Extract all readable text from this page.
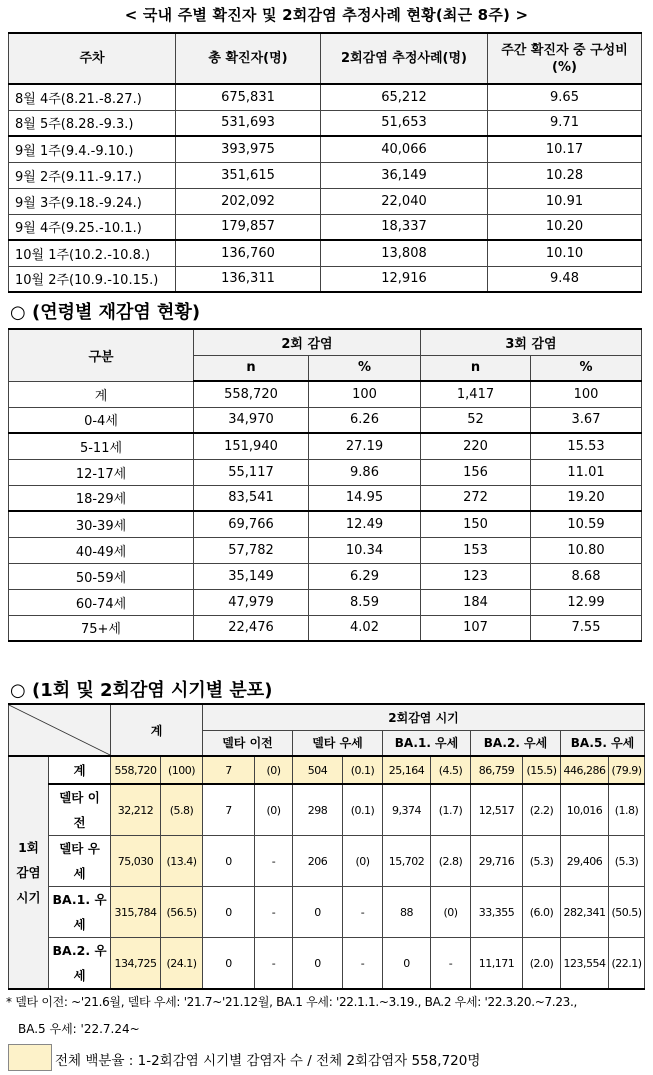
< 국내 주별 확진자 및 2회감염 추정사례 현황(최근 8주) >
주차	총 확진자(명)	2회감염 추정사례(명)	주간 확진자 중 구성비
(%)
8월 4주(8.21.-8.27.)	675,831	65,212	9.65
8월 5주(8.28.-9.3.)	531,693	51,653	9.71
9월 1주(9.4.-9.10.)	393,975	40,066	10.17
9월 2주(9.11.-9.17.)	351,615	36,149	10.28
9월 3주(9.18.-9.24.)	202,092	22,040	10.91
9월 4주(9.25.-10.1.)	179,857	18,337	10.20
10월 1주(10.2.-10.8.)	136,760	13,808	10.10
10월 2주(10.9.-10.15.)	136,311	12,916	9.48
○ (연령별 재감염 현황)
구분	2회 감염		3회 감염	
	n	%	n	%
계	558,720	100	1,417	100
0-4세	34,970	6.26	52	3.67
5-11세	151,940	27.19	220	15.53
12-17세	55,117	9.86	156	11.01
18-29세	83,541	14.95	272	19.20
30-39세	69,766	12.49	150	10.59
40-49세	57,782	10.34	153	10.80
50-59세	35,149	6.29	123	8.68
60-74세	47,979	8.59	184	12.99
75+세	22,476	4.02	107	7.55
○ (1회 및 2회감염 시기별 분포)
	계		2회감염 시기									
				델타 이전		델타 우세		BA.1. 우세		BA.2. 우세		BA.5. 우세	
1회
감염
시기	계	558,720	(100)	7	(0)	504	(0.1)	25,164	(4.5)	86,759	(15.5)	446,286	(79.9)
	델타 이
전	32,212	(5.8)	7	(0)	298	(0.1)	9,374	(1.7)	12,517	(2.2)	10,016	(1.8)
	델타 우
세	75,030	(13.4)	0	-	206	(0)	15,702	(2.8)	29,716	(5.3)	29,406	(5.3)
	BA.1. 우
세	315,784	(56.5)	0	-	0	-	88	(0)	33,355	(6.0)	282,341	(50.5)
	BA.2. 우
세	134,725	(24.1)	0	-	0	-	0	-	11,171	(2.0)	123,554	(22.1)
* 델타 이전: ~'21.6월, 델타 우세: '21.7~'21.12월, BA.1 우세: '22.1.1.~3.19., BA.2 우세: '22.3.20.~7.23.,
BA.5 우세: '22.7.24~
전체 백분율 : 1-2회감염 시기별 감염자 수 / 전체 2회감염자 558,720명
